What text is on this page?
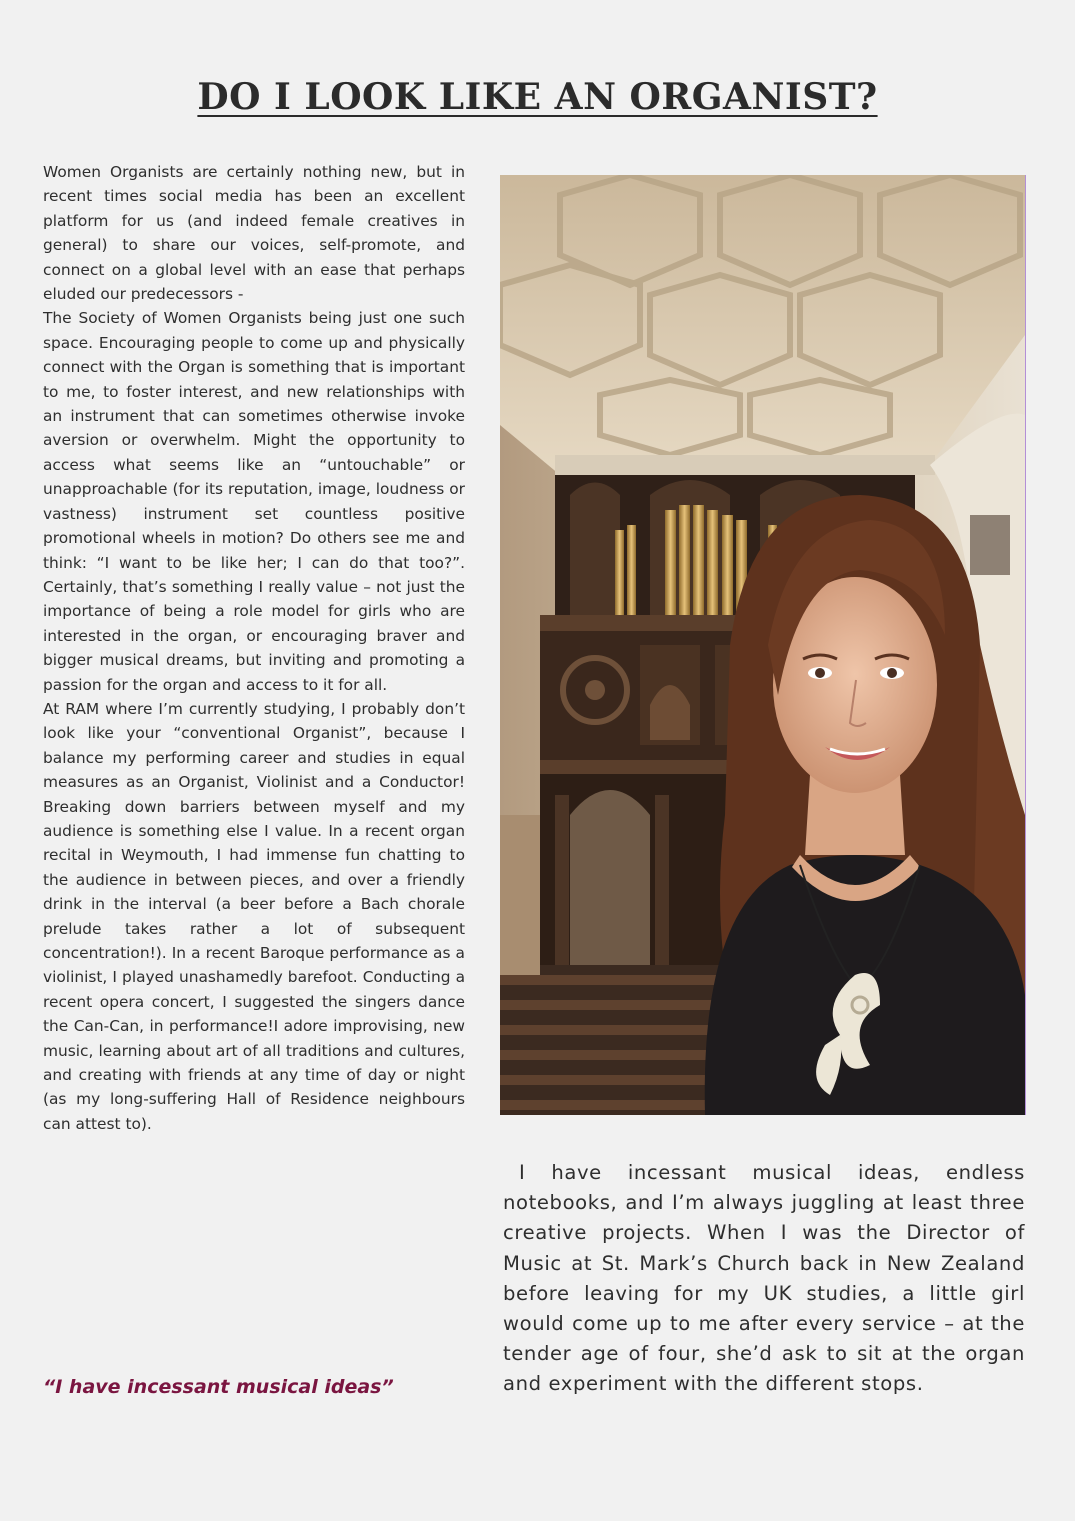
DO I LOOK LIKE AN ORGANIST?

Women Organists are certainly nothing new, but in recent times social media has been an excellent platform for us (and indeed female creatives in general) to share our voices, self-promote, and connect on a global level with an ease that perhaps eluded our predecessors -

The Society of Women Organists being just one such space. Encouraging people to come up and physically connect with the Organ is something that is important to me, to foster interest, and new relationships with an instrument that can sometimes otherwise invoke aversion or overwhelm. Might the opportunity to access what seems like an “untouchable” or unapproachable (for its reputation, image, loudness or vastness) instrument set countless positive promotional wheels in motion? Do others see me and think: “I want to be like her; I can do that too?”. Certainly, that’s something I really value – not just the importance of being a role model for girls who are interested in the organ, or encouraging braver and bigger musical dreams, but inviting and promoting a passion for the organ and access to it for all.

At RAM where I’m currently studying, I probably don’t look like your “conventional Organist”, because I balance my performing career and studies in equal measures as an Organist, Violinist and a Conductor! Breaking down barriers between myself and my audience is something else I value. In a recent organ recital in Weymouth, I had immense fun chatting to the audience in between pieces, and over a friendly drink in the interval (a beer before a Bach chorale prelude takes rather a lot of subsequent concentration!). In a recent Baroque performance as a violinist, I played unashamedly barefoot. Conducting a recent opera concert, I suggested the singers dance the Can-Can, in performance!I adore improvising, new music, learning about art of all traditions and cultures, and creating with friends at any time of day or night (as my long-suffering Hall of Residence neighbours can attest to).

“I have incessant musical ideas”

I have incessant musical ideas, endless notebooks, and I’m always juggling at least three creative projects. When I was the Director of Music at St. Mark’s Church back in New Zealand before leaving for my UK studies, a little girl would come up to me after every service – at the tender age of four, she’d ask to sit at the organ and experiment with the different stops.
